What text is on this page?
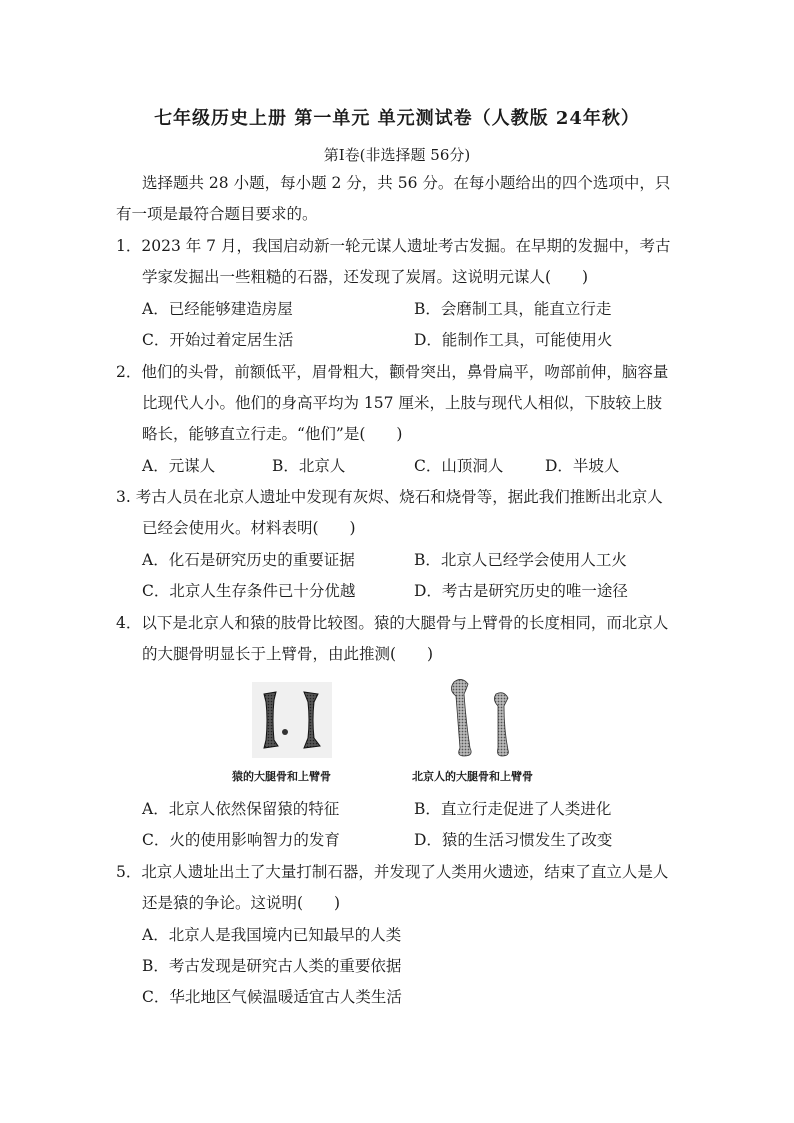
七年级历史上册 第一单元 单元测试卷（人教版 24年秋）
第Ⅰ卷(非选择题 56分)
选择题共 28 小题，每小题 2 分，共 56 分。在每小题给出的四个选项中，只
有一项是最符合题目要求的。
1．2023 年 7 月，我国启动新一轮元谋人遗址考古发掘。在早期的发掘中，考古
学家发掘出一些粗糙的石器，还发现了炭屑。这说明元谋人(　　)
A．已经能够建造房屋	B．会磨制工具，能直立行走
C．开始过着定居生活	D．能制作工具，可能使用火
2．他们的头骨，前额低平，眉骨粗大，颧骨突出，鼻骨扁平，吻部前伸，脑容量
比现代人小。他们的身高平均为 157 厘米，上肢与现代人相似，下肢较上肢
略长，能够直立行走。“他们”是(　　)
A．元谋人	B．北京人	C．山顶洞人	D．半坡人
3. 考古人员在北京人遗址中发现有灰烬、烧石和烧骨等，据此我们推断出北京人
已经会使用火。材料表明(　　)
A．化石是研究历史的重要证据	B．北京人已经学会使用人工火
C．北京人生存条件已十分优越	D．考古是研究历史的唯一途径
4．以下是北京人和猿的肢骨比较图。猿的大腿骨与上臂骨的长度相同，而北京人
的大腿骨明显长于上臂骨，由此推测(　　)
猿的大腿骨和上臂骨	北京人的大腿骨和上臂骨
A．北京人依然保留猿的特征	B．直立行走促进了人类进化
C．火的使用影响智力的发育	D．猿的生活习惯发生了改变
5．北京人遗址出土了大量打制石器，并发现了人类用火遗迹，结束了直立人是人
还是猿的争论。这说明(　　)
A．北京人是我国境内已知最早的人类
B．考古发现是研究古人类的重要依据
C．华北地区气候温暖适宜古人类生活
